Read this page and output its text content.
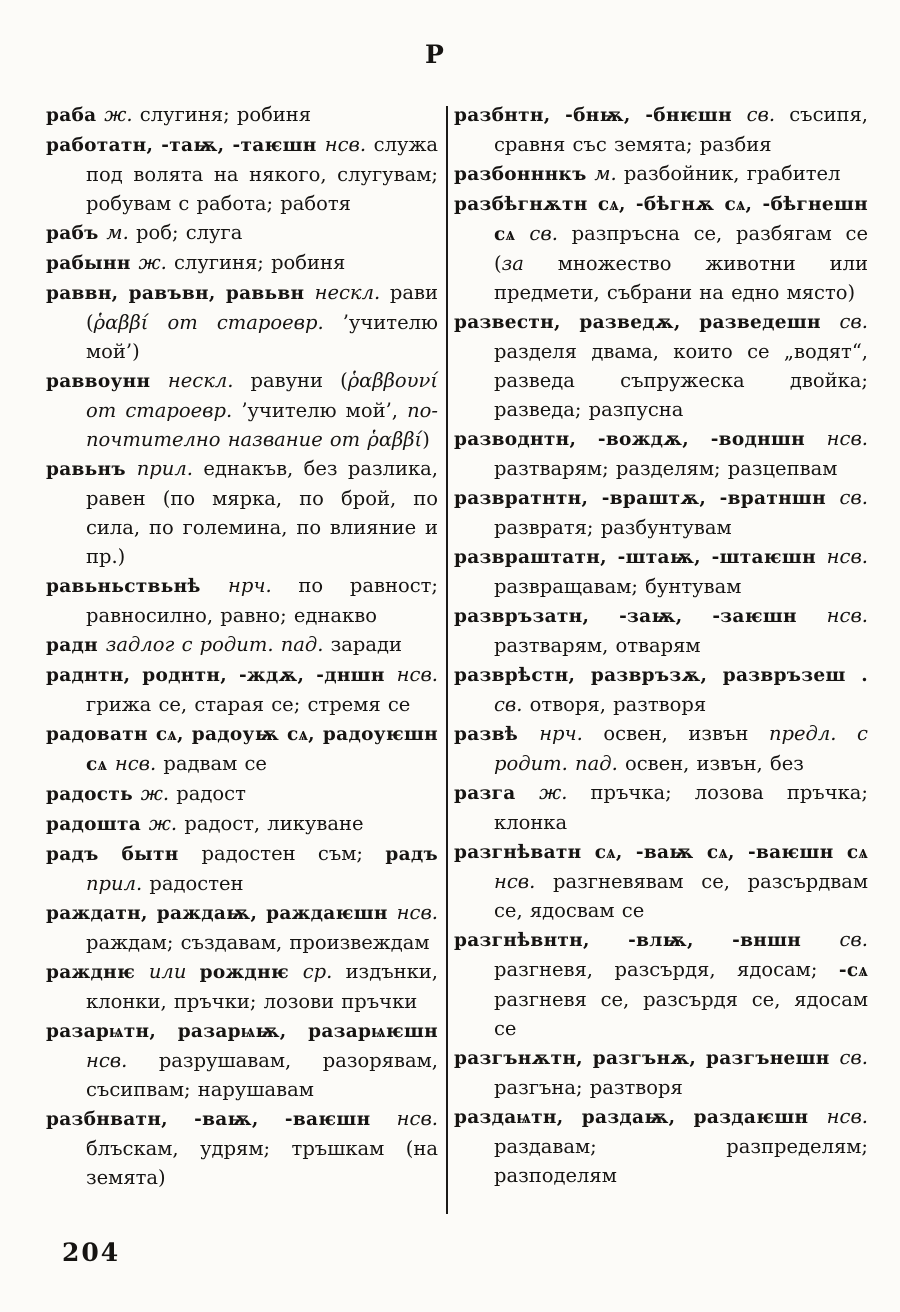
Р

раба ж. слугиня; робиня

работатн, -таѭ, -таѥшн нсв. служа под волята на някого, слугувам; робувам с работа; работя

рабъ м. роб; слуга

рабынн ж. слугиня; робиня

раввн, равъвн, равьвн нескл. рави (ῥαββί от староевр. ’учителю мой’)

раввоунн нескл. равуни (ῥαββουνί от староевр. ’учителю мой’, по-почтително название от ῥαββί)

равьнъ прил. еднакъв, без разлика, равен (по мярка, по брой, по сила, по големина, по влияние и пр.)

равьньствьнѣ нрч. по равност; равносилно, равно; еднакво

радн задлог с родит. пад. заради

раднтн, роднтн, -ждѫ, -дншн нсв. грижа се, старая се; стремя се

радоватн сѧ, радоуѭ сѧ, радоуѥшн сѧ нсв. радвам се

радость ж. радост

радошта ж. радост, ликуване

радъ бытн радостен съм; радъ прил. радостен

раждатн, раждаѭ, раждаѥшн нсв. раждам; създавам, произвеждам

ражднѥ или рожднѥ ср. издънки, клонки, пръчки; лозови пръчки

разарѩтн, разарѩѭ, разарѩѥшн нсв. разрушавам, разорявам, съсипвам; нарушавам

разбнватн, -ваѭ, -ваѥшн нсв. блъскам, удрям; тръшкам (на земята)

разбнтн, -бнѭ, -бнѥшн св. съсипя, сравня със земята; разбия

разбонннкъ м. разбойник, грабител

разбѣгнѫтн сѧ, -бѣгнѫ сѧ, -бѣгнешн сѧ св. разпръсна се, разбягам се (за множество животни или предмети, събрани на едно място)

развестн, разведѫ, разведешн св. разделя двама, които се „водят“, разведа съпружеска двойка; разведа; разпусна

разводнтн, -вождѫ, -водншн нсв. разтварям; разделям; разцепвам

развратнтн, -враштѫ, -вратншн св. развратя; разбунтувам

развраштатн, -штаѭ, -штаѥшн нсв. развращавам; бунтувам

развръзатн, -заѭ, -заѥшн нсв. разтварям, отварям

разврѣстн, развръзѫ, развръзеш . св. отворя, разтворя

развѣ нрч. освен, извън предл. с родит. пад. освен, извън, без

разга ж. пръчка; лозова пръчка; клонка

разгнѣватн сѧ, -ваѭ сѧ, -ваѥшн сѧ нсв. разгневявам се, разсърдвам се, ядосвам се

разгнѣвнтн, -влѭ, -вншн св. разгневя, разсърдя, ядосам; -сѧ разгневя се, разсърдя се, ядосам се

разгънѫтн, разгънѫ, разгънешн св. разгъна; разтворя

раздаѩтн, раздаѭ, раздаѥшн нсв. раздавам; разпределям; разподелям

204
